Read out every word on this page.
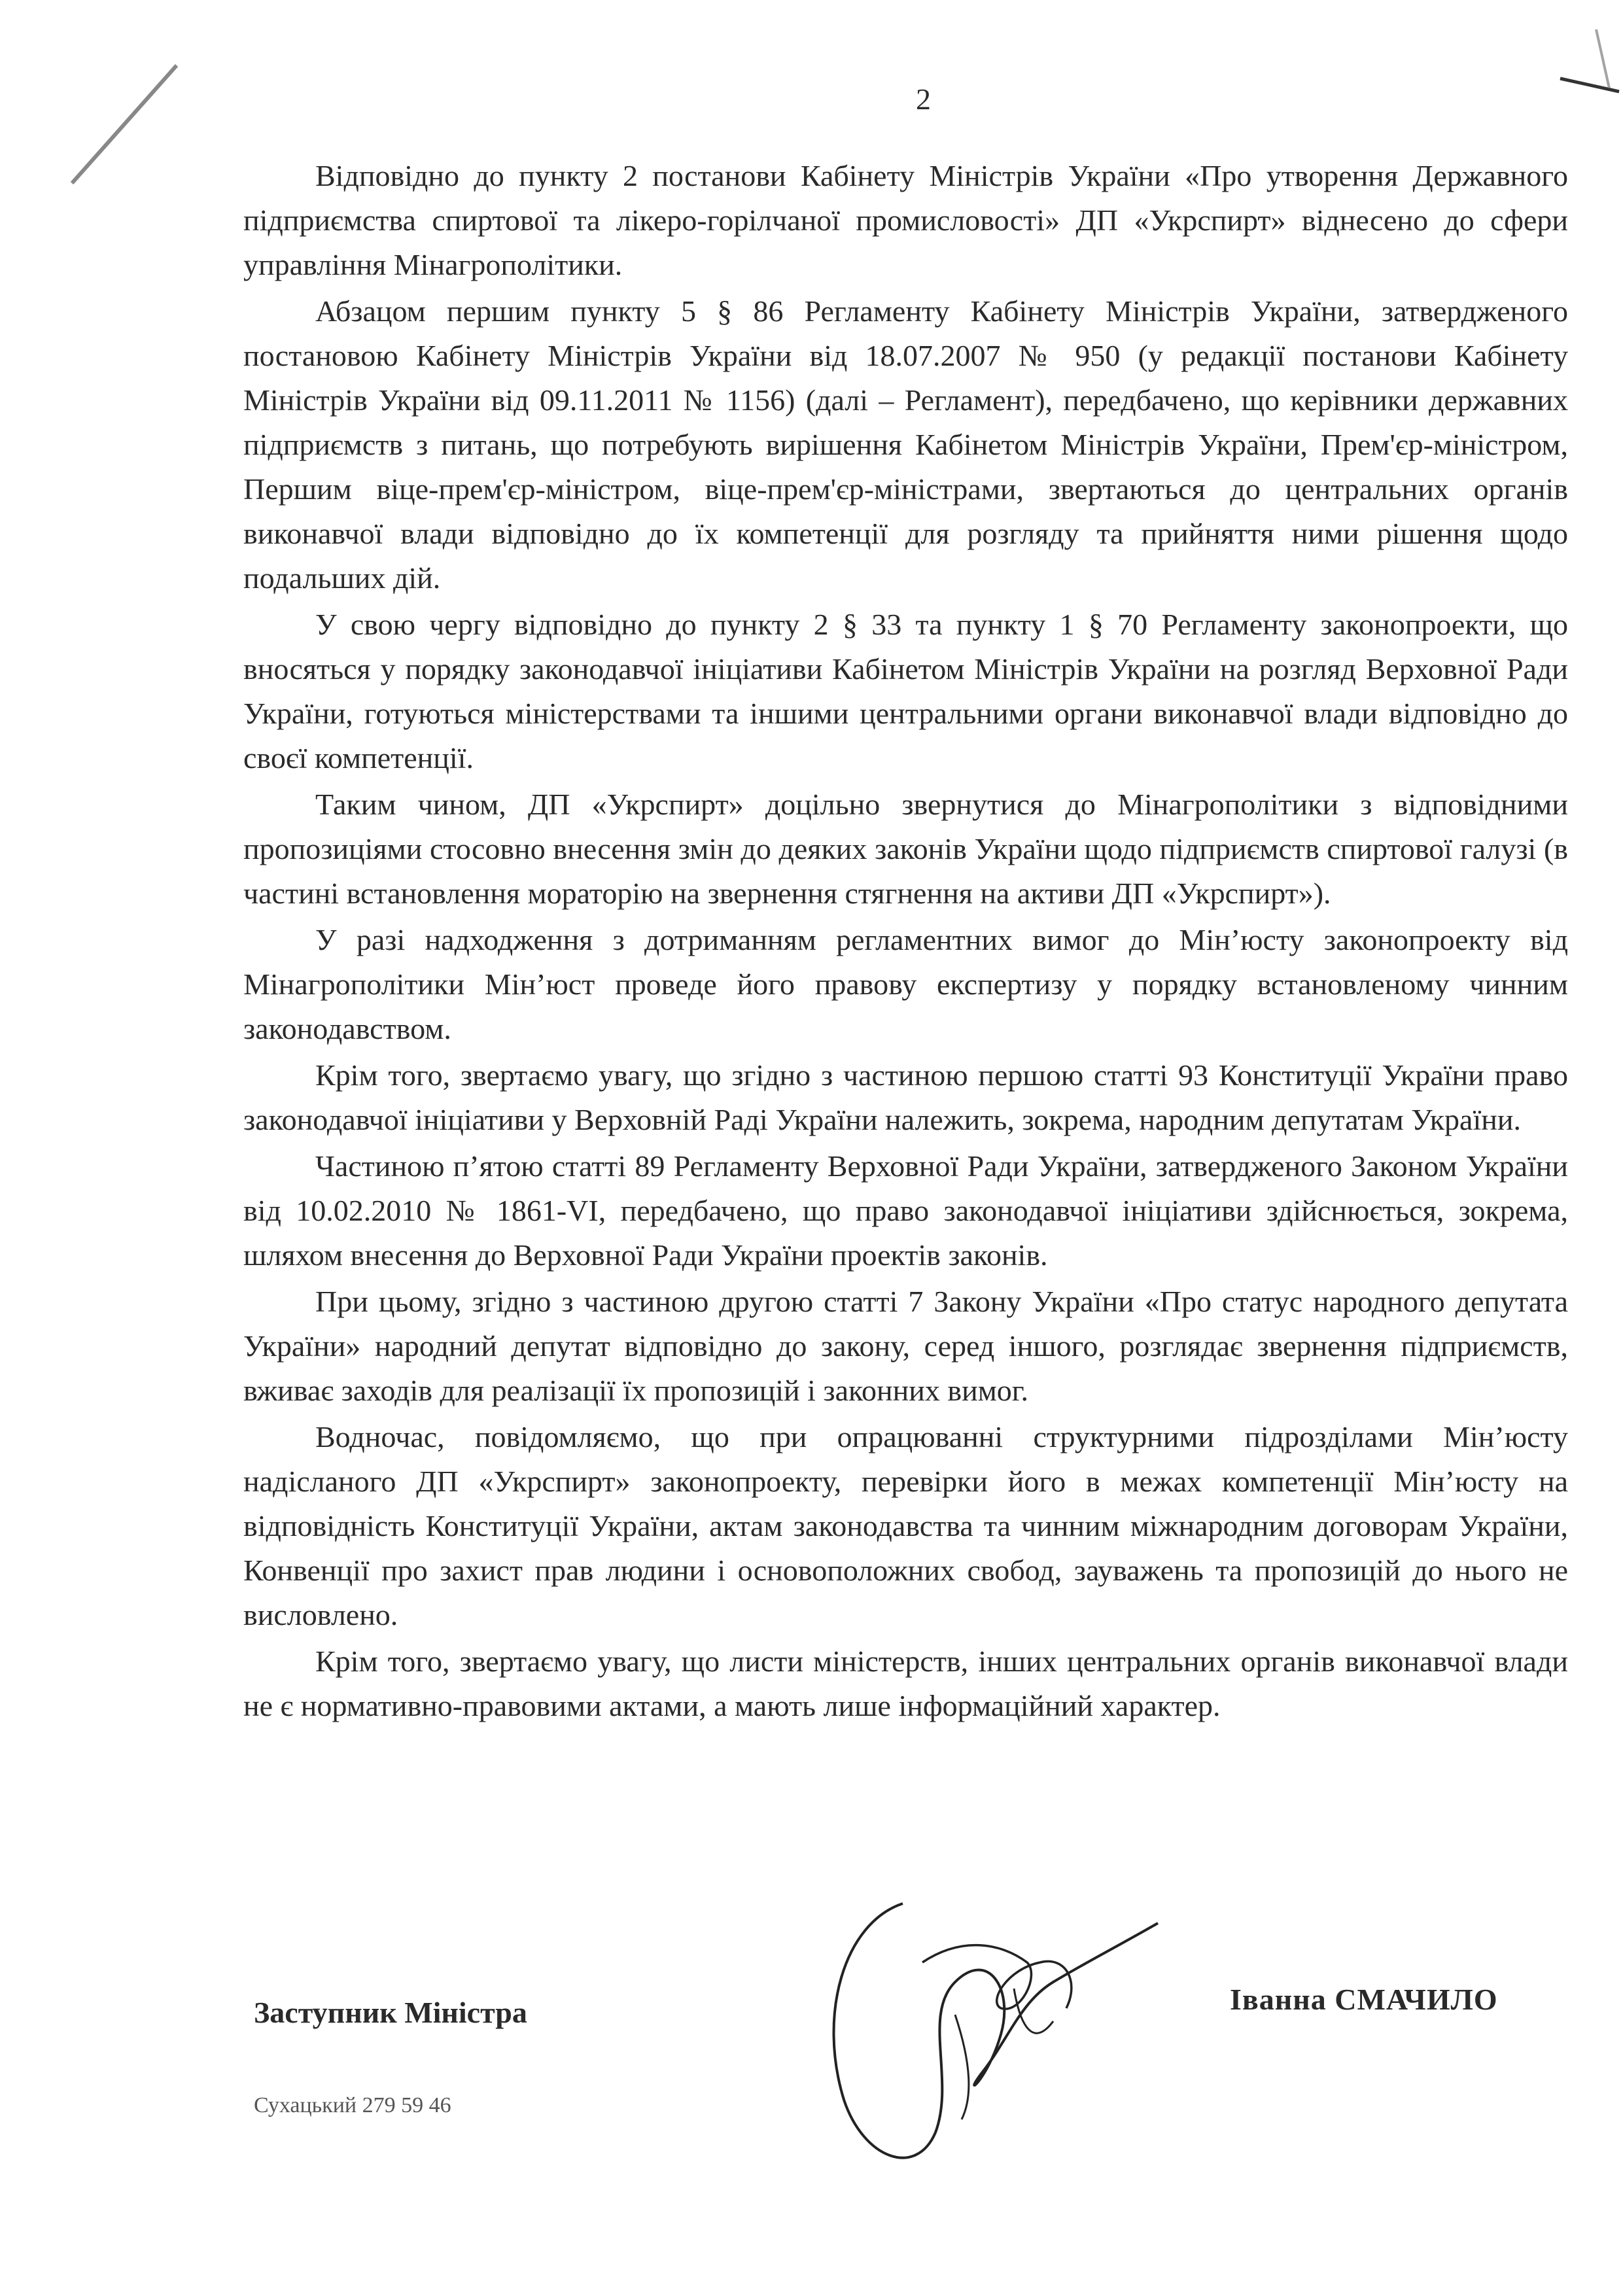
2

Відповідно до пункту 2 постанови Кабінету Міністрів України «Про утворення Державного підприємства спиртової та лікеро-горілчаної промисловості» ДП «Укрспирт» віднесено до сфери управління Мінагрополітики.

Абзацом першим пункту 5 § 86 Регламенту Кабінету Міністрів України, затвердженого постановою Кабінету Міністрів України від 18.07.2007 № 950 (у редакції постанови Кабінету Міністрів України від 09.11.2011 № 1156) (далі – Регламент), передбачено, що керівники державних підприємств з питань, що потребують вирішення Кабінетом Міністрів України, Прем'єр-міністром, Першим віце-прем'єр-міністром, віце-прем'єр-міністрами, звертаються до центральних органів виконавчої влади відповідно до їх компетенції для розгляду та прийняття ними рішення щодо подальших дій.

У свою чергу відповідно до пункту 2 § 33 та пункту 1 § 70 Регламенту законопроекти, що вносяться у порядку законодавчої ініціативи Кабінетом Міністрів України на розгляд Верховної Ради України, готуються міністерствами та іншими центральними органи виконавчої влади відповідно до своєї компетенції.

Таким чином, ДП «Укрспирт» доцільно звернутися до Мінагрополітики з відповідними пропозиціями стосовно внесення змін до деяких законів України щодо підприємств спиртової галузі (в частині встановлення мораторію на звернення стягнення на активи ДП «Укрспирт»).

У разі надходження з дотриманням регламентних вимог до Мін’юсту законопроекту від Мінагрополітики Мін’юст проведе його правову експертизу у порядку встановленому чинним законодавством.

Крім того, звертаємо увагу, що згідно з частиною першою статті 93 Конституції України право законодавчої ініціативи у Верховній Раді України належить, зокрема, народним депутатам України.

Частиною п’ятою статті 89 Регламенту Верховної Ради України, затвердженого Законом України від 10.02.2010 № 1861-VI, передбачено, що право законодавчої ініціативи здійснюється, зокрема, шляхом внесення до Верховної Ради України проектів законів.

При цьому, згідно з частиною другою статті 7 Закону України «Про статус народного депутата України» народний депутат відповідно до закону, серед іншого, розглядає звернення підприємств, вживає заходів для реалізації їх пропозицій і законних вимог.

Водночас, повідомляємо, що при опрацюванні структурними підрозділами Мін’юсту надісланого ДП «Укрспирт» законопроекту, перевірки його в межах компетенції Мін’юсту на відповідність Конституції України, актам законодавства та чинним міжнародним договорам України, Конвенції про захист прав людини і основоположних свобод, зауважень та пропозицій до нього не висловлено.

Крім того, звертаємо увагу, що листи міністерств, інших центральних органів виконавчої влади не є нормативно-правовими актами, а мають лише інформаційний характер.

Заступник Міністра	Іванна СМАЧИЛО
Сухацький 279 59 46
